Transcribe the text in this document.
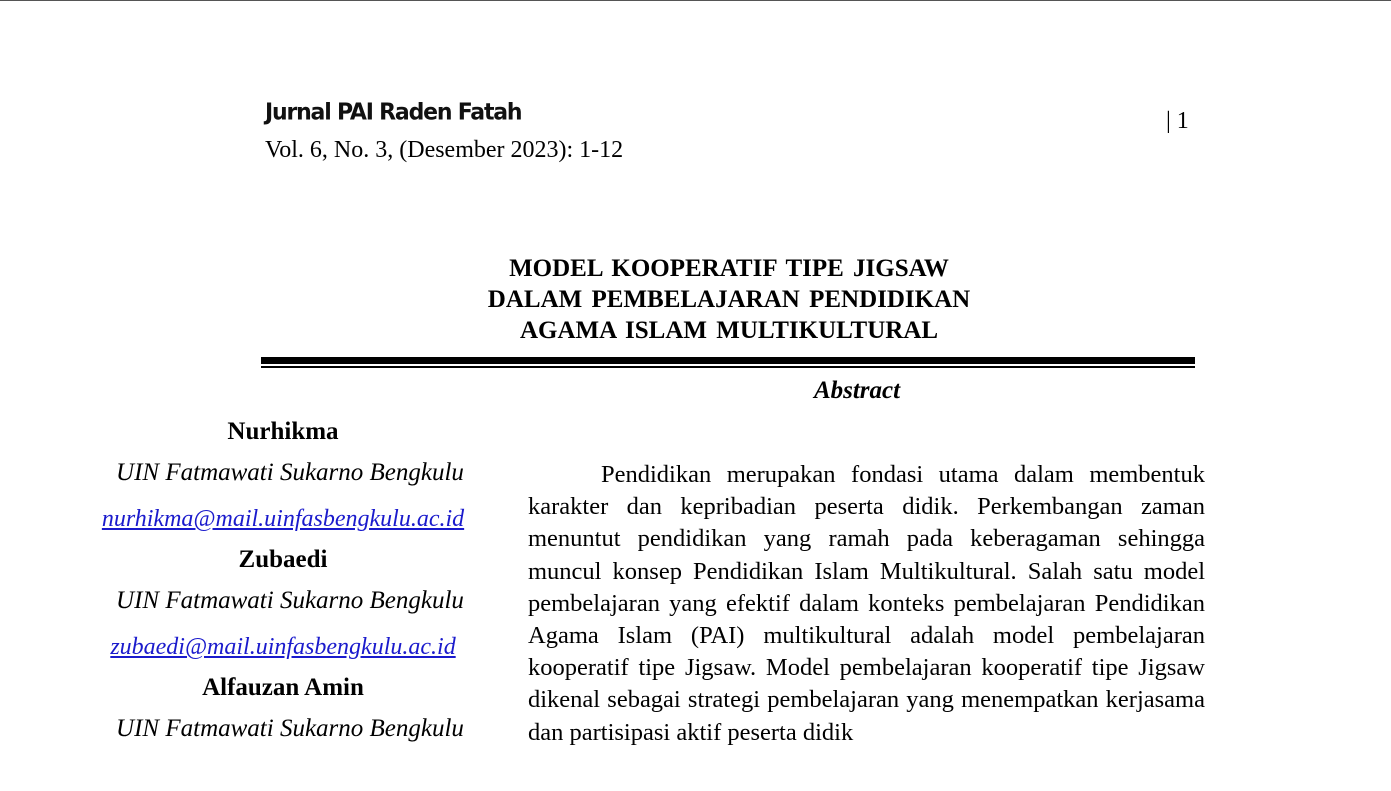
Jurnal PAI Raden Fatah
Vol. 6, No. 3, (Desember 2023): 1-12
| 1
MODEL KOOPERATIF TIPE JIGSAW
DALAM PEMBELAJARAN PENDIDIKAN
AGAMA ISLAM MULTIKULTURAL
Abstract
Nurhikma
UIN Fatmawati Sukarno Bengkulu
nurhikma@mail.uinfasbengkulu.ac.id
Zubaedi
UIN Fatmawati Sukarno Bengkulu
zubaedi@mail.uinfasbengkulu.ac.id
Alfauzan Amin
UIN Fatmawati Sukarno Bengkulu
Pendidikan merupakan fondasi utama dalam membentuk karakter dan kepribadian peserta didik. Perkembangan zaman menuntut pendidikan yang ramah pada keberagaman sehingga muncul konsep Pendidikan Islam Multikultural. Salah satu model pembelajaran yang efektif dalam konteks pembelajaran Pendidikan Agama Islam (PAI) multikultural adalah model pembelajaran kooperatif tipe Jigsaw. Model pembelajaran kooperatif tipe Jigsaw dikenal sebagai strategi pembelajaran yang menempatkan kerjasama dan partisipasi aktif peserta didik
